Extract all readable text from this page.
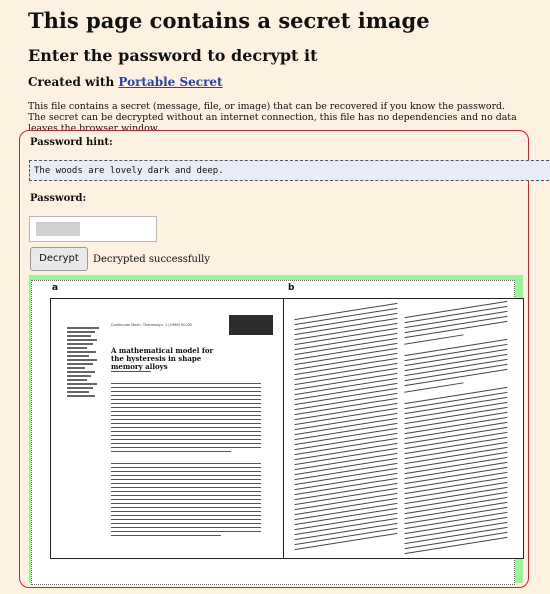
This page contains a secret image
Enter the password to decrypt it
Created with Portable Secret
This file contains a secret (message, file, or image) that can be recovered if you know the password.
The secret can be decrypted without an internet connection, this file has no dependencies and no data leaves the browser window.
Password hint:
The woods are lovely dark and deep.
Password:
Decrypt	Decrypted successfully
a	b
Continuum Mech. Thermodyn. 1 (1989) 00–00
A mathematical model for the hysteresis in shape memory alloys
